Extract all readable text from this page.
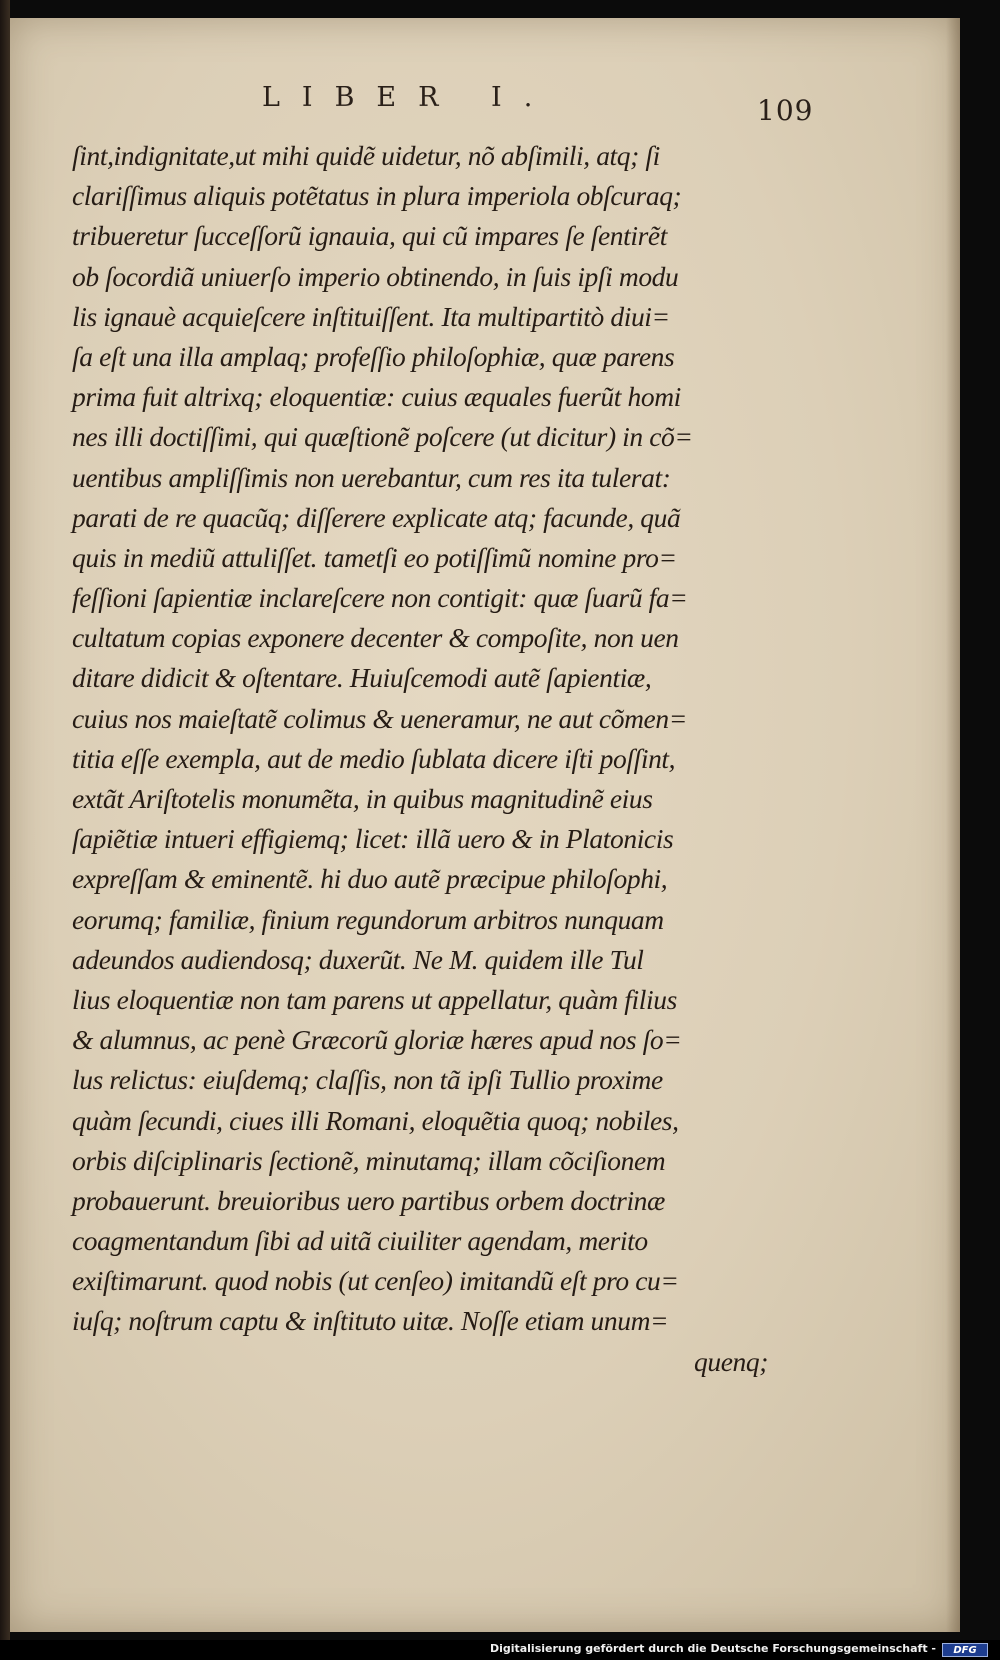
LIBER I.	109
ſint,indignitate,ut mihi quidẽ uidetur, nõ abſimili, atq; ſi
clariſſimus aliquis potẽtatus in plura imperiola obſcuraq;
tribueretur ſucceſſorũ ignauia, qui cũ impares ſe ſentirẽt
ob ſocordiã uniuerſo imperio obtinendo, in ſuis ipſi modu
lis ignauè acquieſcere inſtituiſſent. Ita multipartitò diui=
ſa eſt una illa amplaq; profeſſio philoſophiæ, quæ parens
prima fuit altrixq; eloquentiæ: cuius æquales fuerũt homi
nes illi doctiſſimi, qui quæſtionẽ poſcere (ut dicitur) in cõ=
uentibus ampliſſimis non uerebantur, cum res ita tulerat:
parati de re quacũq; diſſerere explicate atq; facunde, quã
quis in mediũ attuliſſet. tametſi eo potiſſimũ nomine pro=
feſſioni ſapientiæ inclareſcere non contigit: quæ ſuarũ fa=
cultatum copias exponere decenter & compoſite, non uen
ditare didicit & oſtentare. Huiuſcemodi autẽ ſapientiæ,
cuius nos maieſtatẽ colimus & ueneramur, ne aut cõmen=
titia eſſe exempla, aut de medio ſublata dicere iſti poſſint,
extãt Ariſtotelis monumẽta, in quibus magnitudinẽ eius
ſapiẽtiæ intueri effigiemq; licet: illã uero & in Platonicis
expreſſam & eminentẽ. hi duo autẽ præcipue philoſophi,
eorumq; familiæ, finium regundorum arbitros nunquam
adeundos audiendosq; duxerũt. Ne M. quidem ille Tul
lius eloquentiæ non tam parens ut appellatur, quàm filius
& alumnus, ac penè Græcorũ gloriæ hæres apud nos ſo=
lus relictus: eiuſdemq; claſſis, non tã ipſi Tullio proxime
quàm ſecundi, ciues illi Romani, eloquẽtia quoq; nobiles,
orbis diſciplinaris ſectionẽ, minutamq; illam cõciſionem
probauerunt. breuioribus uero partibus orbem doctrinæ
coagmentandum ſibi ad uitã ciuiliter agendam, merito
exiſtimarunt. quod nobis (ut cenſeo) imitandũ eſt pro cu=
iuſq; noſtrum captu & inſtituto uitæ. Noſſe etiam unum=
quenq;
Digitalisierung gefördert durch die Deutsche Forschungsgemeinschaft -	DFG
